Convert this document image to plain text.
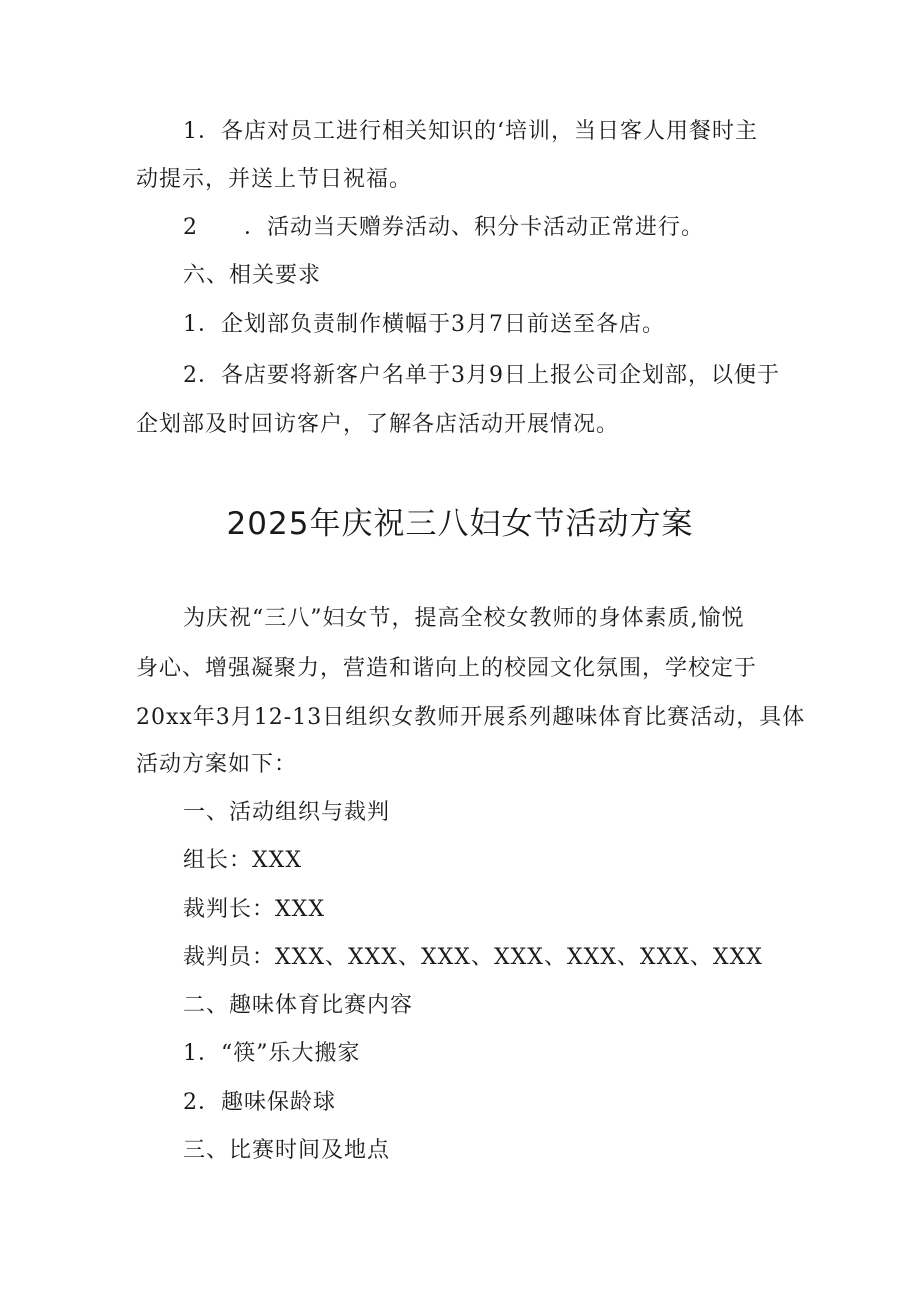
1．各店对员工进行相关知识的‘培训，当日客人用餐时主
动提示，并送上节日祝福。
2　　．活动当天赠券活动、积分卡活动正常进行。
六、相关要求
1．企划部负责制作横幅于3月7日前送至各店。
2．各店要将新客户名单于3月9日上报公司企划部，以便于
企划部及时回访客户，了解各店活动开展情况。
2025年庆祝三八妇女节活动方案
为庆祝“三八”妇女节，提高全校女教师的身体素质,愉悦
身心、增强凝聚力，营造和谐向上的校园文化氛围，学校定于
20xx年3月12-13日组织女教师开展系列趣味体育比赛活动，具体
活动方案如下：
一、活动组织与裁判
组长：XXX
裁判长：XXX
裁判员：XXX、XXX、XXX、XXX、XXX、XXX、XXX
二、趣味体育比赛内容
1．“筷”乐大搬家
2．趣味保龄球
三、比赛时间及地点
